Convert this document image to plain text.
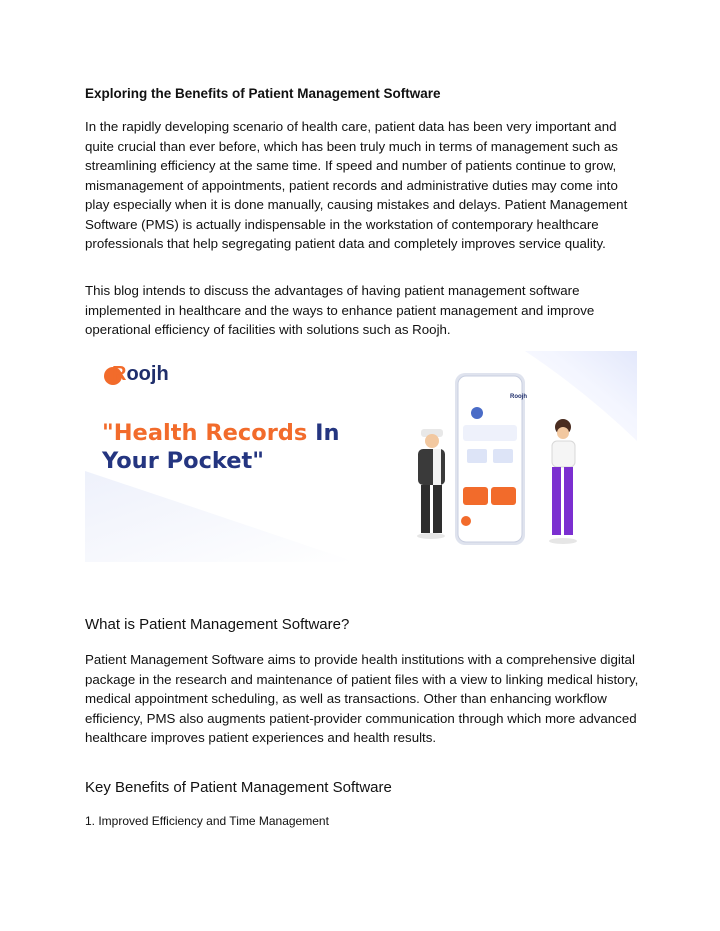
Exploring the Benefits of Patient Management Software
In the rapidly developing scenario of health care, patient data has been very important and quite crucial than ever before, which has been truly much in terms of management such as streamlining efficiency at the same time. If speed and number of patients continue to grow, mismanagement of appointments, patient records and administrative duties may come into play especially when it is done manually, causing mistakes and delays. Patient Management Software (PMS) is actually indispensable in the workstation of contemporary healthcare professionals that help segregating patient data and completely improves service quality.
This blog intends to discuss the advantages of having patient management software implemented in healthcare and the ways to enhance patient management and improve operational efficiency of facilities with solutions such as Roojh.
Roojh
"Health Records In
Your Pocket"
Roojh
What is Patient Management Software?
Patient Management Software aims to provide health institutions with a comprehensive digital package in the research and maintenance of patient files with a view to linking medical history, medical appointment scheduling, as well as transactions. Other than enhancing workflow efficiency, PMS also augments patient-provider communication through which more advanced healthcare improves patient experiences and health results.
Key Benefits of Patient Management Software
1. Improved Efficiency and Time Management
